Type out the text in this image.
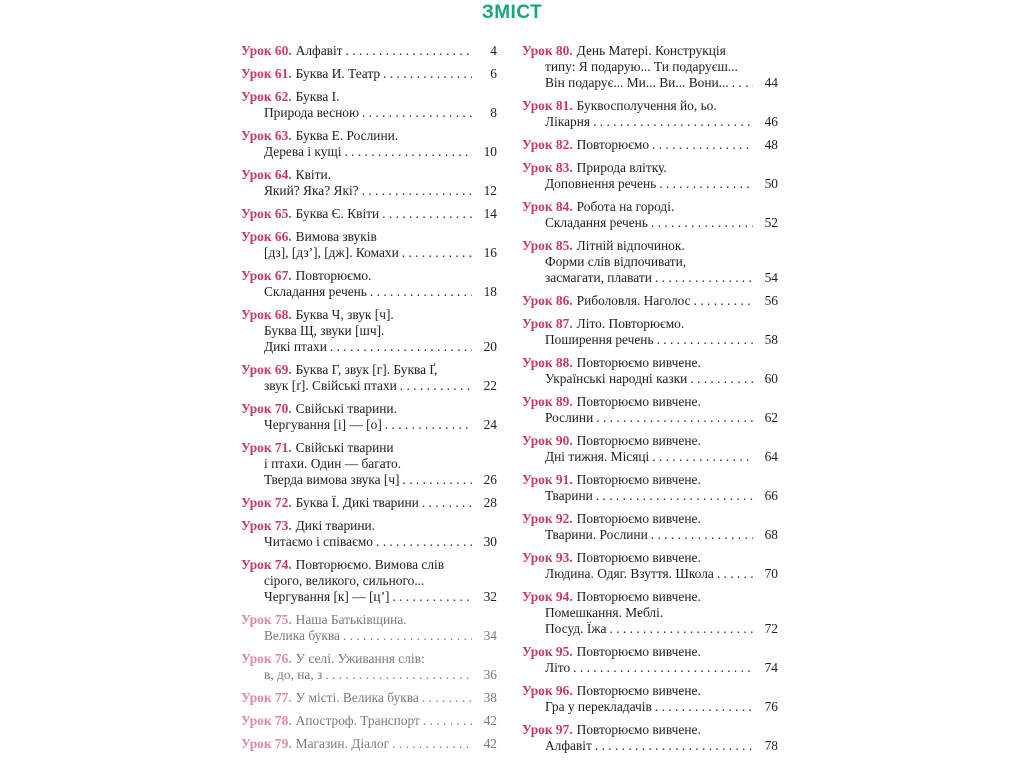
ЗМІСТ
Урок 60. Алфавіт . . .	4
Урок 61. Буква И. Театр . . .	6
Урок 62. Буква І.
Природа весною . . .	8
Урок 63. Буква Е. Рослини.
Дерева і кущі . . .	10
Урок 64. Квіти.
Який? Яка? Які? . . .	12
Урок 65. Буква Є. Квіти . . .	14
Урок 66. Вимова звуків
[дз], [дз’], [дж]. Комахи . . .	16
Урок 67. Повторюємо.
Складання речень . . .	18
Урок 68. Буква Ч, звук [ч].
Буква Щ, звуки [шч].
Дикі птахи . . .	20
Урок 69. Буква Г, звук [г]. Буква Ґ,
звук [ґ]. Свійські птахи . . .	22
Урок 70. Свійські тварини.
Чергування [і] — [о] . . .	24
Урок 71. Свійські тварини
і птахи. Один — багато.
Тверда вимова звука [ч] . . .	26
Урок 72. Буква Ї. Дикі тварини . . .	28
Урок 73. Дикі тварини.
Читаємо і співаємо . . .	30
Урок 74. Повторюємо. Вимова слів
сірого, великого, сильного...
Чергування [к] — [ц’] . . .	32
Урок 75. Наша Батьківщина.
Велика буква . . .	34
Урок 76. У селі. Уживання слів:
в, до, на, з . . .	36
Урок 77. У місті. Велика буква . . .	38
Урок 78. Апостроф. Транспорт . . .	42
Урок 79. Магазин. Діалог . . .	42
Урок 80. День Матері. Конструкція
типу: Я подарую... Ти подаруєш...
Він подарує... Ми... Ви... Вони... . . .	44
Урок 81. Буквосполучення йо, ьо.
Лікарня . . .	46
Урок 82. Повторюємо . . .	48
Урок 83. Природа влітку.
Доповнення речень . . .	50
Урок 84. Робота на городі.
Складання речень . . .	52
Урок 85. Літній відпочинок.
Форми слів відпочивати,
засмагати, плавати . . .	54
Урок 86. Риболовля. Наголос . . .	56
Урок 87. Літо. Повторюємо.
Поширення речень . . .	58
Урок 88. Повторюємо вивчене.
Українські народні казки . . .	60
Урок 89. Повторюємо вивчене.
Рослини . . .	62
Урок 90. Повторюємо вивчене.
Дні тижня. Місяці . . .	64
Урок 91. Повторюємо вивчене.
Тварини . . .	66
Урок 92. Повторюємо вивчене.
Тварини. Рослини . . .	68
Урок 93. Повторюємо вивчене.
Людина. Одяг. Взуття. Школа . . .	70
Урок 94. Повторюємо вивчене.
Помешкання. Меблі.
Посуд. Їжа . . .	72
Урок 95. Повторюємо вивчене.
Літо . . .	74
Урок 96. Повторюємо вивчене.
Гра у перекладачів . . .	76
Урок 97. Повторюємо вивчене.
Алфавіт . . .	78
